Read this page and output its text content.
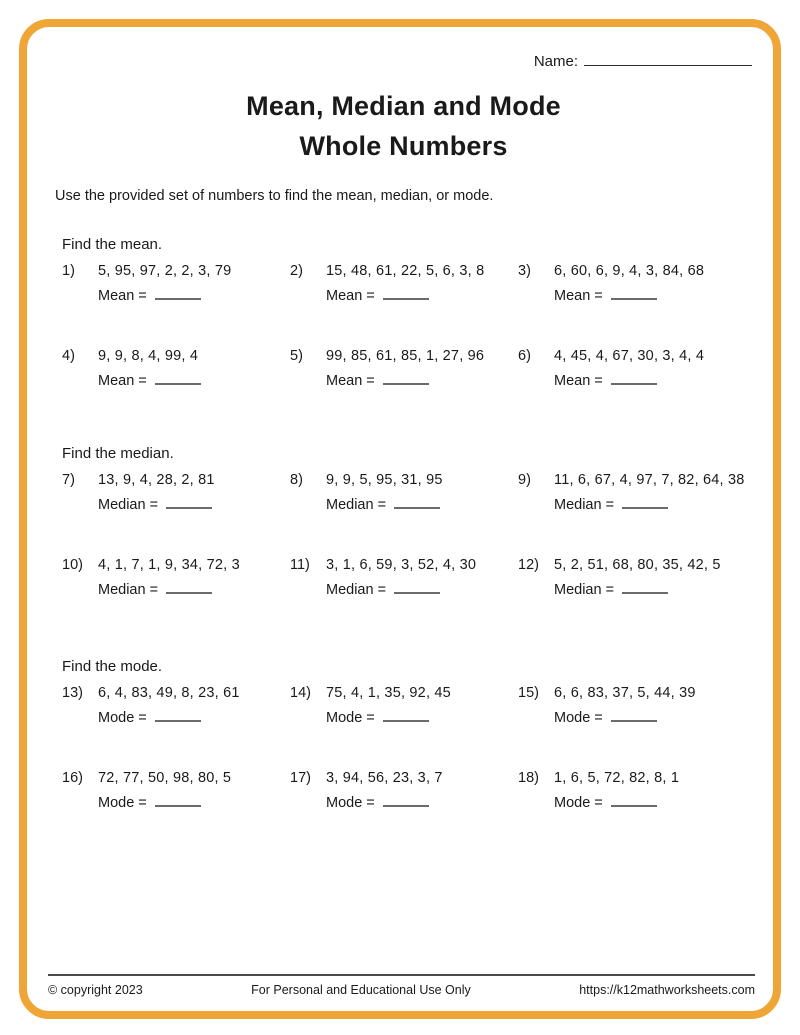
Name:
Mean, Median and Mode
Whole Numbers

Use the provided set of numbers to find the mean, median, or mode.

Find the mean.
1)	5, 95, 97, 2, 2, 3, 79
Mean =
2)	15, 48, 61, 22, 5, 6, 3, 8
Mean =
3)	6, 60, 6, 9, 4, 3, 84, 68
Mean =
4)	9, 9, 8, 4, 99, 4
Mean =
5)	99, 85, 61, 85, 1, 27, 96
Mean =
6)	4, 45, 4, 67, 30, 3, 4, 4
Mean =
Find the median.
7)	13, 9, 4, 28, 2, 81
Median =
8)	9, 9, 5, 95, 31, 95
Median =
9)	11, 6, 67, 4, 97, 7, 82, 64, 38
Median =
10) 4, 1, 7, 1, 9, 34, 72, 3
Median =
11) 3, 1, 6, 59, 3, 52, 4, 30
Median =
12) 5, 2, 51, 68, 80, 35, 42, 5
Median =
Find the mode.
13) 6, 4, 83, 49, 8, 23, 61
Mode =
14) 75, 4, 1, 35, 92, 45
Mode =
15) 6, 6, 83, 37, 5, 44, 39
Mode =
16) 72, 77, 50, 98, 80, 5
Mode =
17) 3, 94, 56, 23, 3, 7
Mode =
18) 1, 6, 5, 72, 82, 8, 1
Mode =
© copyright 2023	For Personal and Educational Use Only	https://k12mathworksheets.com
